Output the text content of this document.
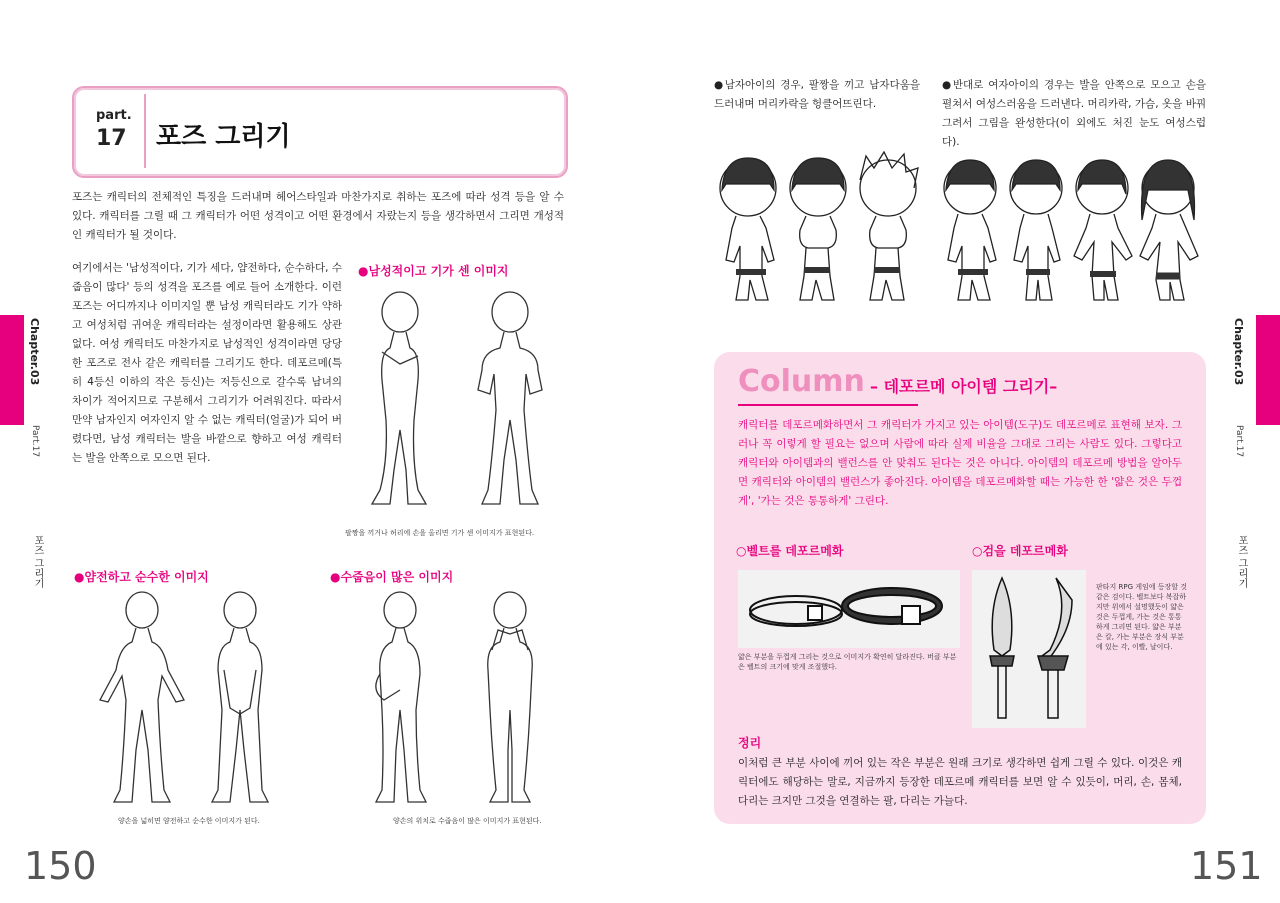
part.
17 포즈 그리기

포즈는 캐릭터의 전체적인 특징을 드러내며 헤어스타일과 마찬가지로 취하는 포즈에 따라 성격 등을 알 수 있다. 캐릭터를 그릴 때 그 캐릭터가 어떤 성격이고 어떤 환경에서 자랐는지 등을 생각하면서 그리면 개성적인 캐릭터가 될 것이다.

여기에서는 '남성적이다, 기가 세다, 얌전하다, 순수하다, 수줍음이 많다' 등의 성격을 포즈를 예로 들어 소개한다. 이런 포즈는 어디까지나 이미지일 뿐 남성 캐릭터라도 기가 약하고 여성처럼 귀여운 캐릭터라는 설정이라면 활용해도 상관없다. 여성 캐릭터도 마찬가지로 남성적인 성격이라면 당당한 포즈로 전사 같은 캐릭터를 그리기도 한다. 데포르메(특히 4등신 이하의 작은 등신)는 저등신으로 갈수록 남녀의 차이가 적어지므로 구분해서 그리기가 어려워진다. 따라서 만약 남자인지 여자인지 알 수 없는 캐릭터(얼굴)가 되어 버렸다면, 남성 캐릭터는 발을 바깥으로 향하고 여성 캐릭터는 발을 안쪽으로 모으면 된다.

●남성적이고 기가 센 이미지
팔짱을 끼거나 허리에 손을 올리면 기가 센 이미지가 표현된다.
●얌전하고 순수한 이미지	●수줍음이 많은 이미지
양손을 넓히면 얌전하고 순수한 이미지가 된다.	양손의 위치로 수줍음이 많은 이미지가 표현된다.
Chapter.03
Part.17
포즈 그리기
150

●남자아이의 경우, 팔짱을 끼고 남자다움을 드러내며 머리카락을 헝클어뜨린다.

●반대로 여자아이의 경우는 발을 안쪽으로 모으고 손을 펼쳐서 여성스러움을 드러낸다. 머리카락, 가슴, 옷을 바꿔 그려서 그림을 완성한다(이 외에도 처진 눈도 여성스럽다).

Column – 데포르메 아이템 그리기–

캐릭터를 데포르메화하면서 그 캐릭터가 가지고 있는 아이템(도구)도 데포르메로 표현해 보자. 그러나 꼭 이렇게 할 필요는 없으며 사람에 따라 실제 비율을 그대로 그리는 사람도 있다. 그렇다고 캐릭터와 아이템과의 밸런스를 안 맞춰도 된다는 것은 아니다. 아이템의 데포르메 방법을 알아두면 캐릭터와 아이템의 밸런스가 좋아진다. 아이템을 데포르메화할 때는 가능한 한 '얇은 것은 두껍게', '가는 것은 통통하게' 그린다.

○벨트를 데포르메화	○검을 데포르메화
얇은 부분을 두껍게 그리는 것으로 이미지가 확연히 달라진다. 버클 부분은 벨트의 크기에 맞게 조절했다.
판타지 RPG 게임에 등장할 것 같은 검이다. 벨트보다 복잡하지만 위에서 설명했듯이 얇은 것은 두껍게, 가는 것은 통통하게 그리면 된다. 얇은 부분은 칼, 가는 부분은 장식 부분에 있는 각, 이빨, 날이다.
정리

이처럼 큰 부분 사이에 끼어 있는 작은 부분은 원래 크기로 생각하면 쉽게 그릴 수 있다. 이것은 캐릭터에도 해당하는 말로, 지금까지 등장한 데포르메 캐릭터를 보면 알 수 있듯이, 머리, 손, 몸체, 다리는 크지만 그것을 연결하는 팔, 다리는 가늘다.

Chapter.03
Part.17
포즈 그리기
151
